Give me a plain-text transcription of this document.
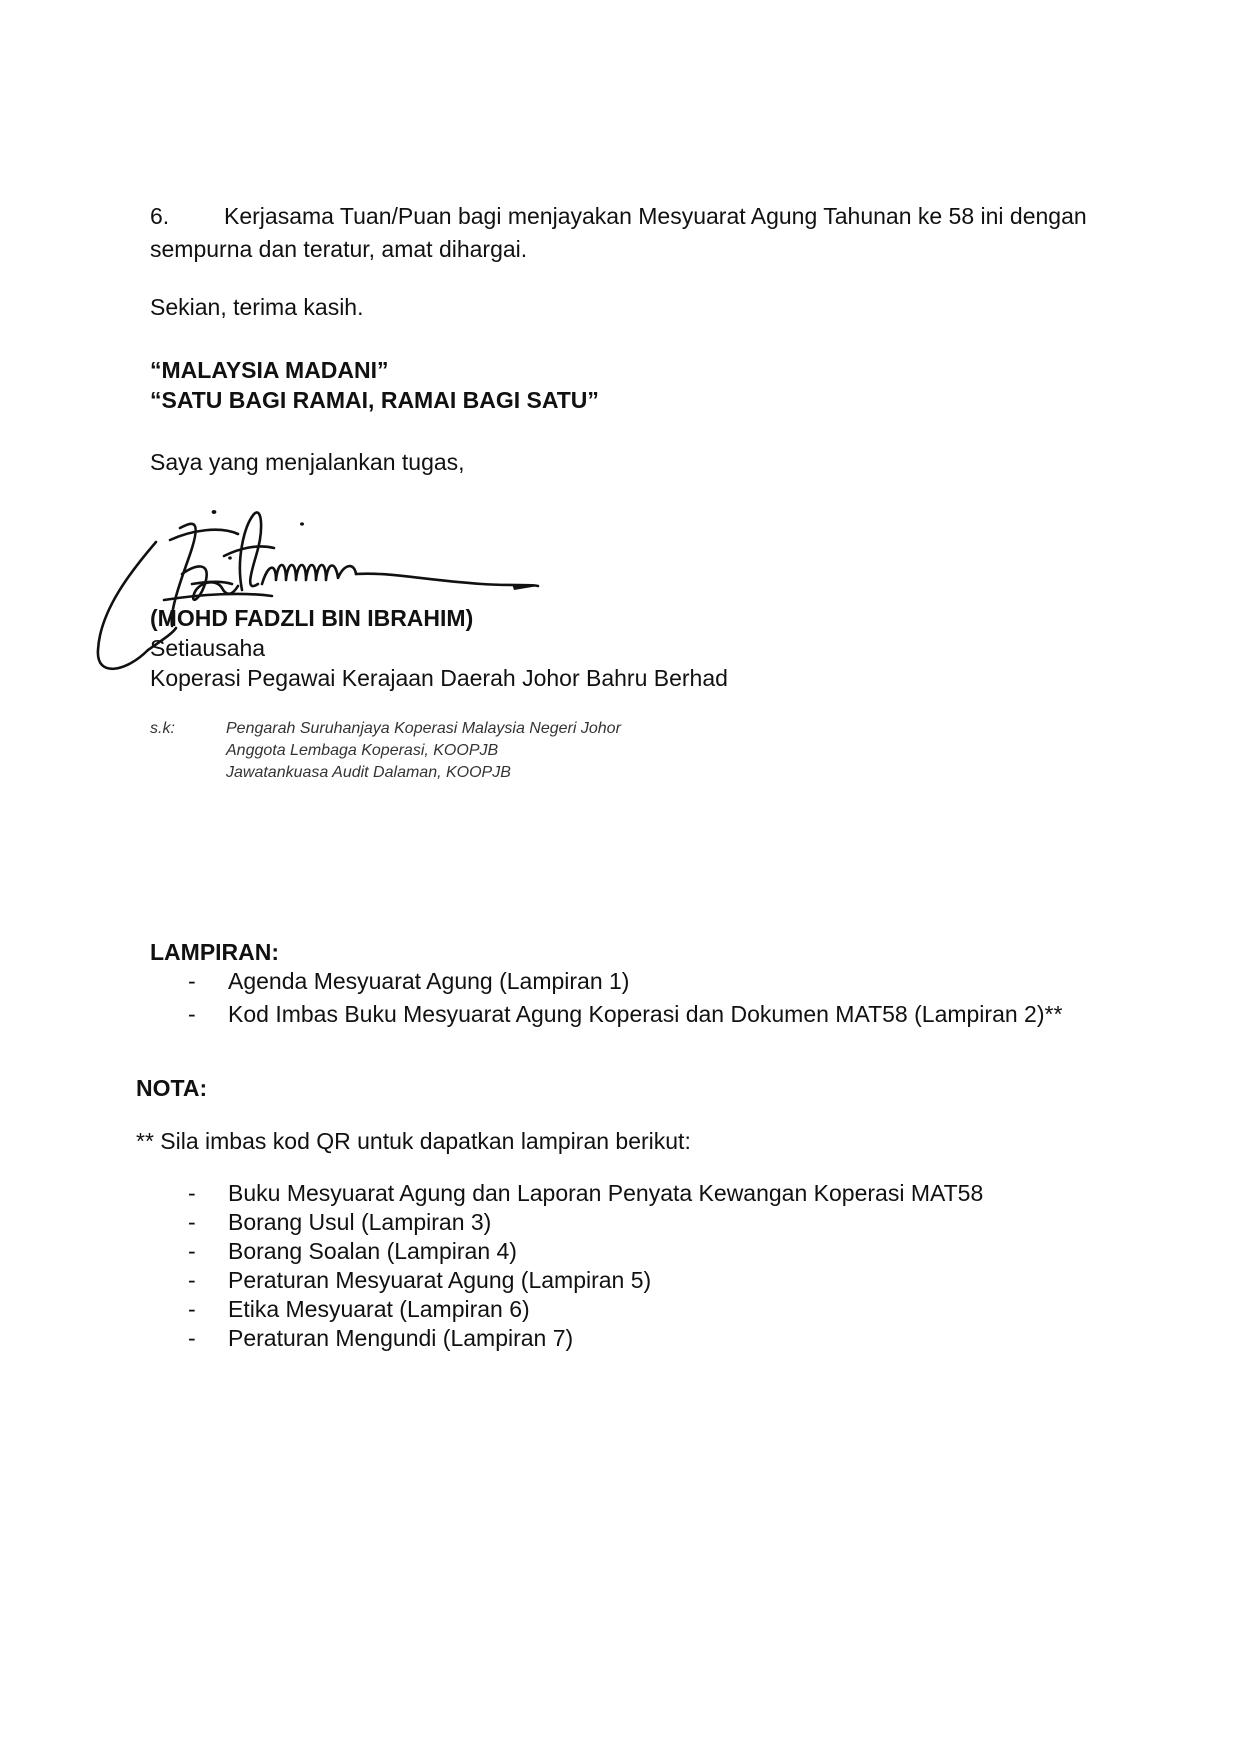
6. Kerjasama Tuan/Puan bagi menjayakan Mesyuarat Agung Tahunan ke 58 ini dengan
sempurna dan teratur, amat dihargai.

Sekian, terima kasih.

“MALAYSIA MADANI”

“SATU BAGI RAMAI, RAMAI BAGI SATU”

Saya yang menjalankan tugas,

(MOHD FADZLI BIN IBRAHIM)

Setiausaha

Koperasi Pegawai Kerajaan Daerah Johor Bahru Berhad

s.k:	Pengarah Suruhanjaya Koperasi Malaysia Negeri Johor
Anggota Lembaga Koperasi, KOOPJB
Jawatankuasa Audit Dalaman, KOOPJB

LAMPIRAN:

- Agenda Mesyuarat Agung (Lampiran 1)
- Kod Imbas Buku Mesyuarat Agung Koperasi dan Dokumen MAT58 (Lampiran 2)**

NOTA:

** Sila imbas kod QR untuk dapatkan lampiran berikut:

- Buku Mesyuarat Agung dan Laporan Penyata Kewangan Koperasi MAT58
- Borang Usul (Lampiran 3)
- Borang Soalan (Lampiran 4)
- Peraturan Mesyuarat Agung (Lampiran 5)
- Etika Mesyuarat (Lampiran 6)
- Peraturan Mengundi (Lampiran 7)
